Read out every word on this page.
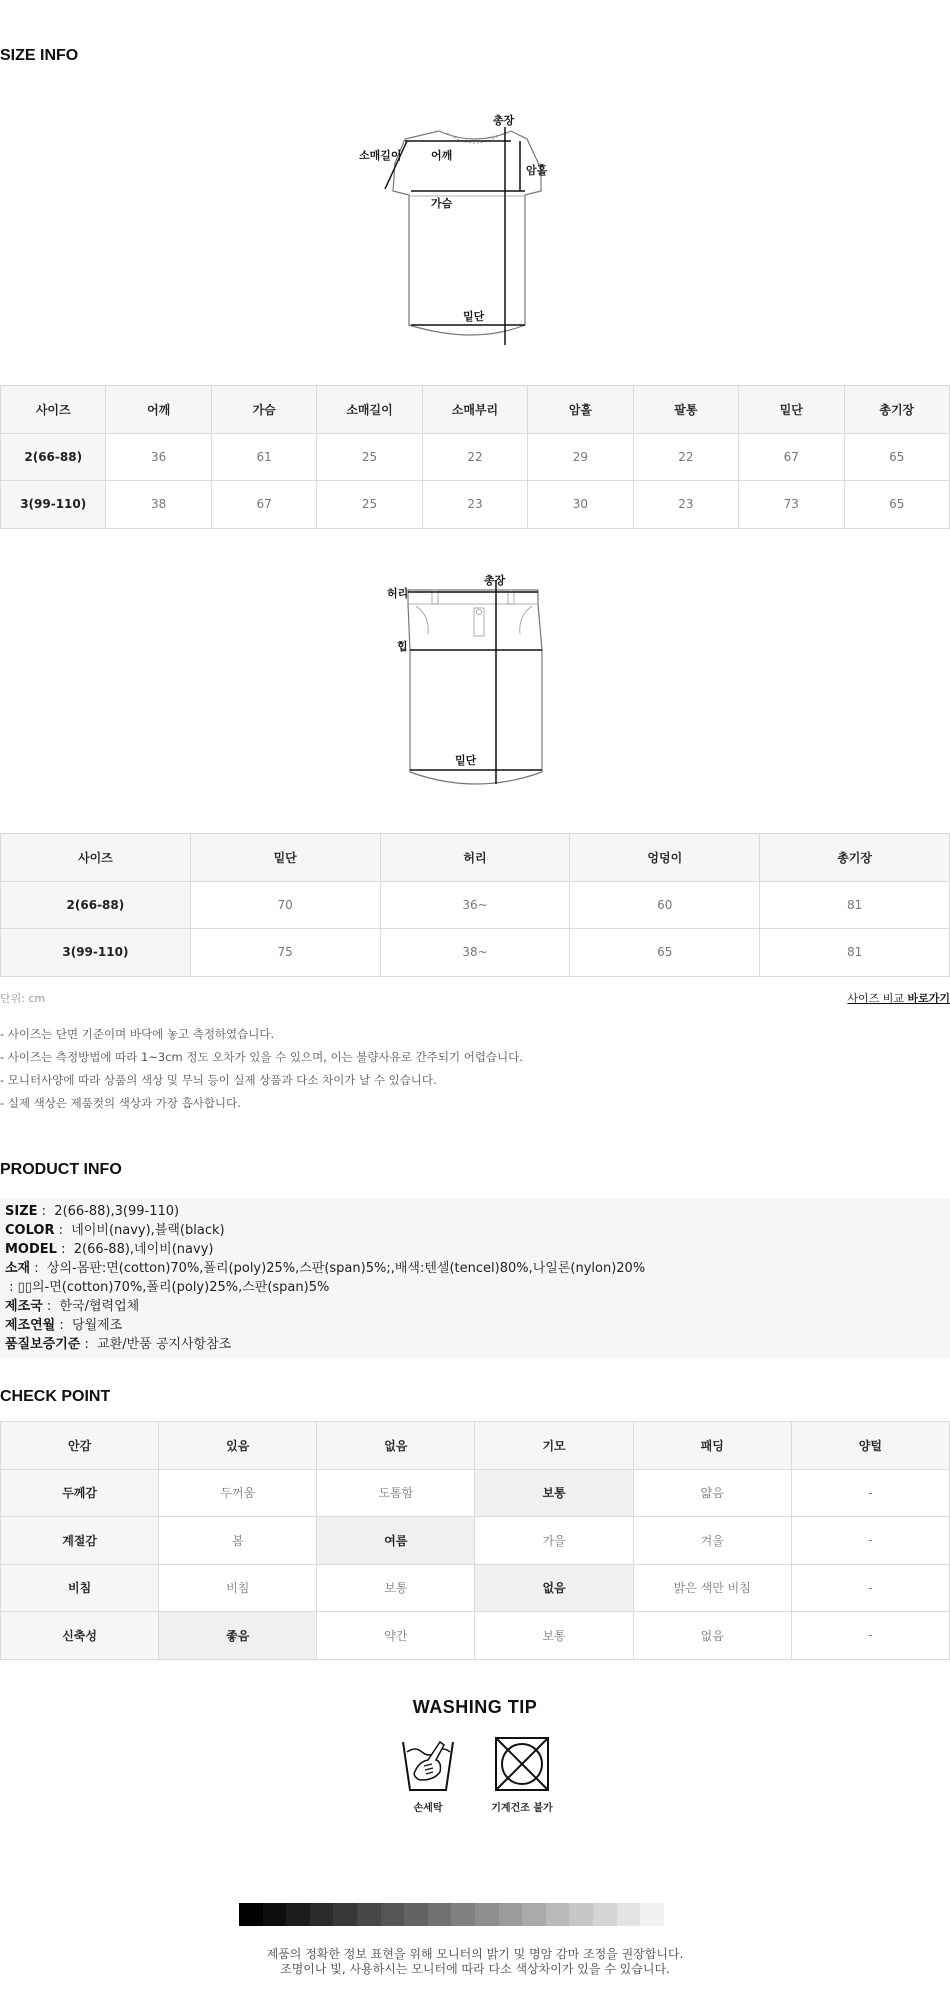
SIZE INFO
총장
소매길이	어깨
암홀
가슴
밑단
사이즈	어깨	가슴	소매길이	소매부리	암홀	팔통	밑단	총기장
2(66-88)	36	61	25	22	29	22	67	65
3(99-110)	38	67	25	23	30	23	73	65
총장
허리
힙
밑단
사이즈	밑단	허리	엉덩이	총기장
2(66-88)	70	36~	60	81
3(99-110)	75	38~	65	81
단위: cm	사이즈 비교 바로가기
- 사이즈는 단면 기준이며 바닥에 놓고 측정하였습니다.
- 사이즈는 측정방법에 따라 1~3cm 정도 오차가 있을 수 있으며, 이는 불량사유로 간주되기 어렵습니다.
- 모니터사양에 따라 상품의 색상 및 무늬 등이 실제 상품과 다소 차이가 날 수 있습니다.
- 실제 색상은 제품컷의 색상과 가장 흡사합니다.
PRODUCT INFO
SIZE :  2(66-88),3(99-110)
COLOR :  네이비(navy),블랙(black)
MODEL :  2(66-88),네이비(navy)
소재 :  상의-몸판:면(cotton)70%,폴리(poly)25%,스판(span)5%;,배색:텐셀(tencel)80%,나일론(nylon)20%
: ▯▯의-면(cotton)70%,폴리(poly)25%,스판(span)5%
제조국 :  한국/협력업체
제조연월 :  당월제조
품질보증기준 :  교환/반품 공지사항참조
CHECK POINT
안감	있음	없음	기모	패딩	양털
두께감	두꺼움	도톰함	보통	얇음	-
계절감	봄	여름	가을	겨울	-
비침	비침	보통	없음	밝은 색만 비침	-
신축성	좋음	약간	보통	없음	-
WASHING TIP
손세탁	기계건조 불가
제품의 정확한 정보 표현을 위해 모니터의 밝기 및 명암 감마 조정을 권장합니다.
조명이나 빛, 사용하시는 모니터에 따라 다소 색상차이가 있을 수 있습니다.
